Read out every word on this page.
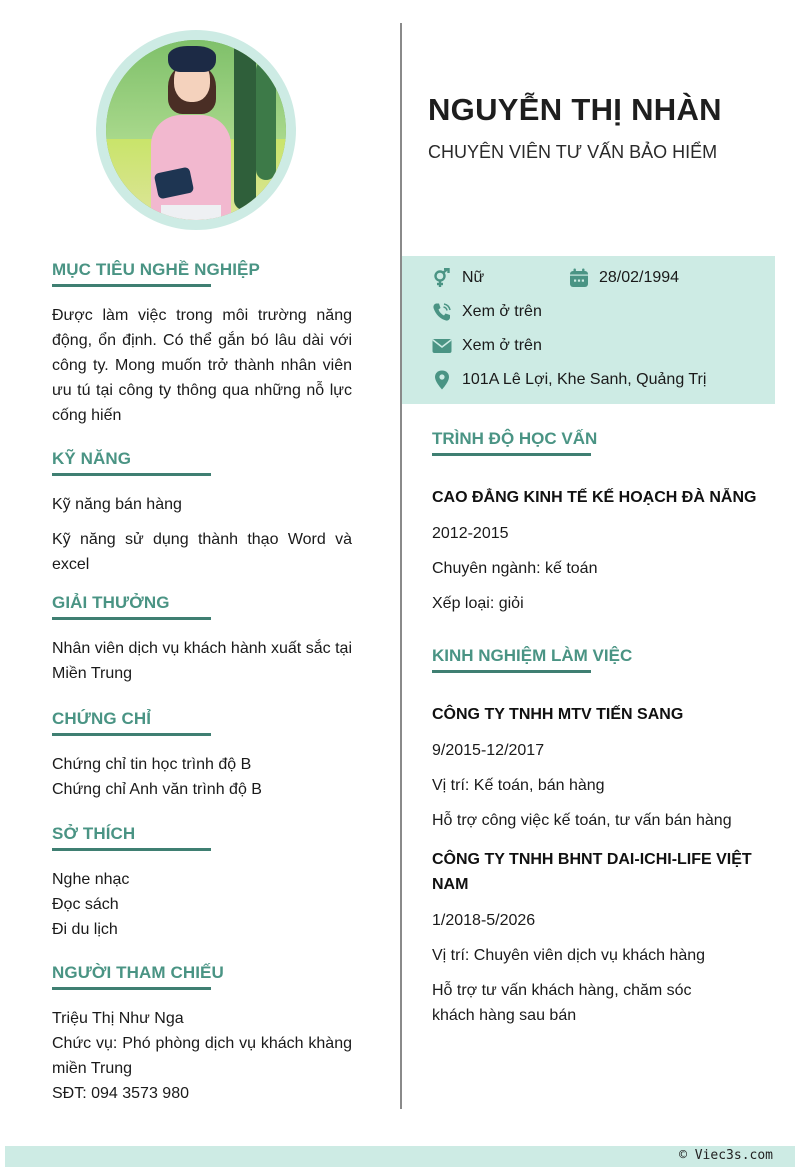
MỤC TIÊU NGHỀ NGHIỆP
Được làm việc trong môi trường năng động, ổn định. Có thể gắn bó lâu dài với công ty. Mong muốn trở thành nhân viên ưu tú tại công ty thông qua những nỗ lực cống hiến
KỸ NĂNG
Kỹ năng bán hàng
Kỹ năng sử dụng thành thạo Word và excel
GIẢI THƯỞNG
Nhân viên dịch vụ khách hành xuất sắc tại Miền Trung
CHỨNG CHỈ
Chứng chỉ tin học trình độ B
Chứng chỉ Anh văn trình độ B
SỞ THÍCH
Nghe nhạc
Đọc sách
Đi du lịch
NGƯỜI THAM CHIẾU
Triệu Thị Như Nga
Chức vụ: Phó phòng dịch vụ khách khàng miền Trung
SĐT: 094 3573 980
NGUYỄN THỊ NHÀN
CHUYÊN VIÊN TƯ VẤN BẢO HIỂM
Nữ	28/02/1994
Xem ở trên
Xem ở trên
101A Lê Lợi, Khe Sanh, Quảng Trị
TRÌNH ĐỘ HỌC VẤN
CAO ĐẲNG KINH TẾ KẾ HOẠCH ĐÀ NẴNG
2012-2015
Chuyên ngành: kế toán
Xếp loại: giỏi
KINH NGHIỆM LÀM VIỆC
CÔNG TY TNHH MTV TIẾN SANG
9/2015-12/2017
Vị trí: Kế toán, bán hàng
Hỗ trợ công việc kế toán, tư vấn bán hàng
CÔNG TY TNHH BHNT DAI-ICHI-LIFE VIỆT NAM
1/2018-5/2026
Vị trí: Chuyên viên dịch vụ khách hàng
Hỗ trợ tư vấn khách hàng, chăm sóc khách hàng sau bán
© Viec3s.com
